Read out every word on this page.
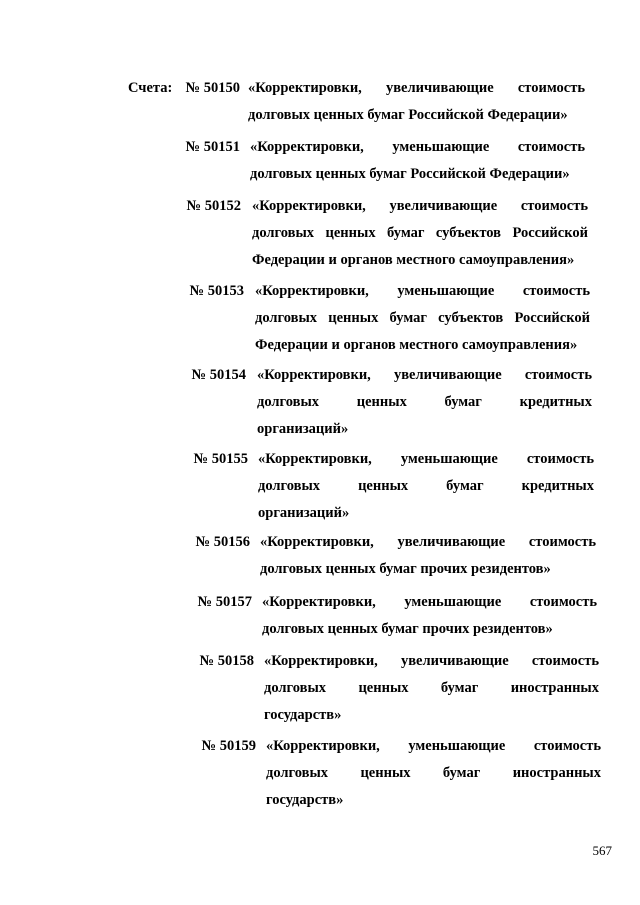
Счета: № 50150 «Корректировки, увеличивающие стоимость
долговых ценных бумаг Российской Федерации»
№ 50151 «Корректировки, уменьшающие стоимость
долговых ценных бумаг Российской Федерации»
№ 50152 «Корректировки, увеличивающие стоимость
долговых ценных бумаг субъектов Российской
Федерации и органов местного самоуправления»
№ 50153 «Корректировки, уменьшающие стоимость
долговых ценных бумаг субъектов Российской
Федерации и органов местного самоуправления»
№ 50154 «Корректировки, увеличивающие стоимость
долговых ценных бумаг кредитных
организаций»
№ 50155 «Корректировки, уменьшающие стоимость
долговых ценных бумаг кредитных
организаций»
№ 50156 «Корректировки, увеличивающие стоимость
долговых ценных бумаг прочих резидентов»
№ 50157 «Корректировки, уменьшающие стоимость
долговых ценных бумаг прочих резидентов»
№ 50158 «Корректировки, увеличивающие стоимость
долговых ценных бумаг иностранных
государств»
№ 50159 «Корректировки, уменьшающие стоимость
долговых ценных бумаг иностранных
государств»
567
